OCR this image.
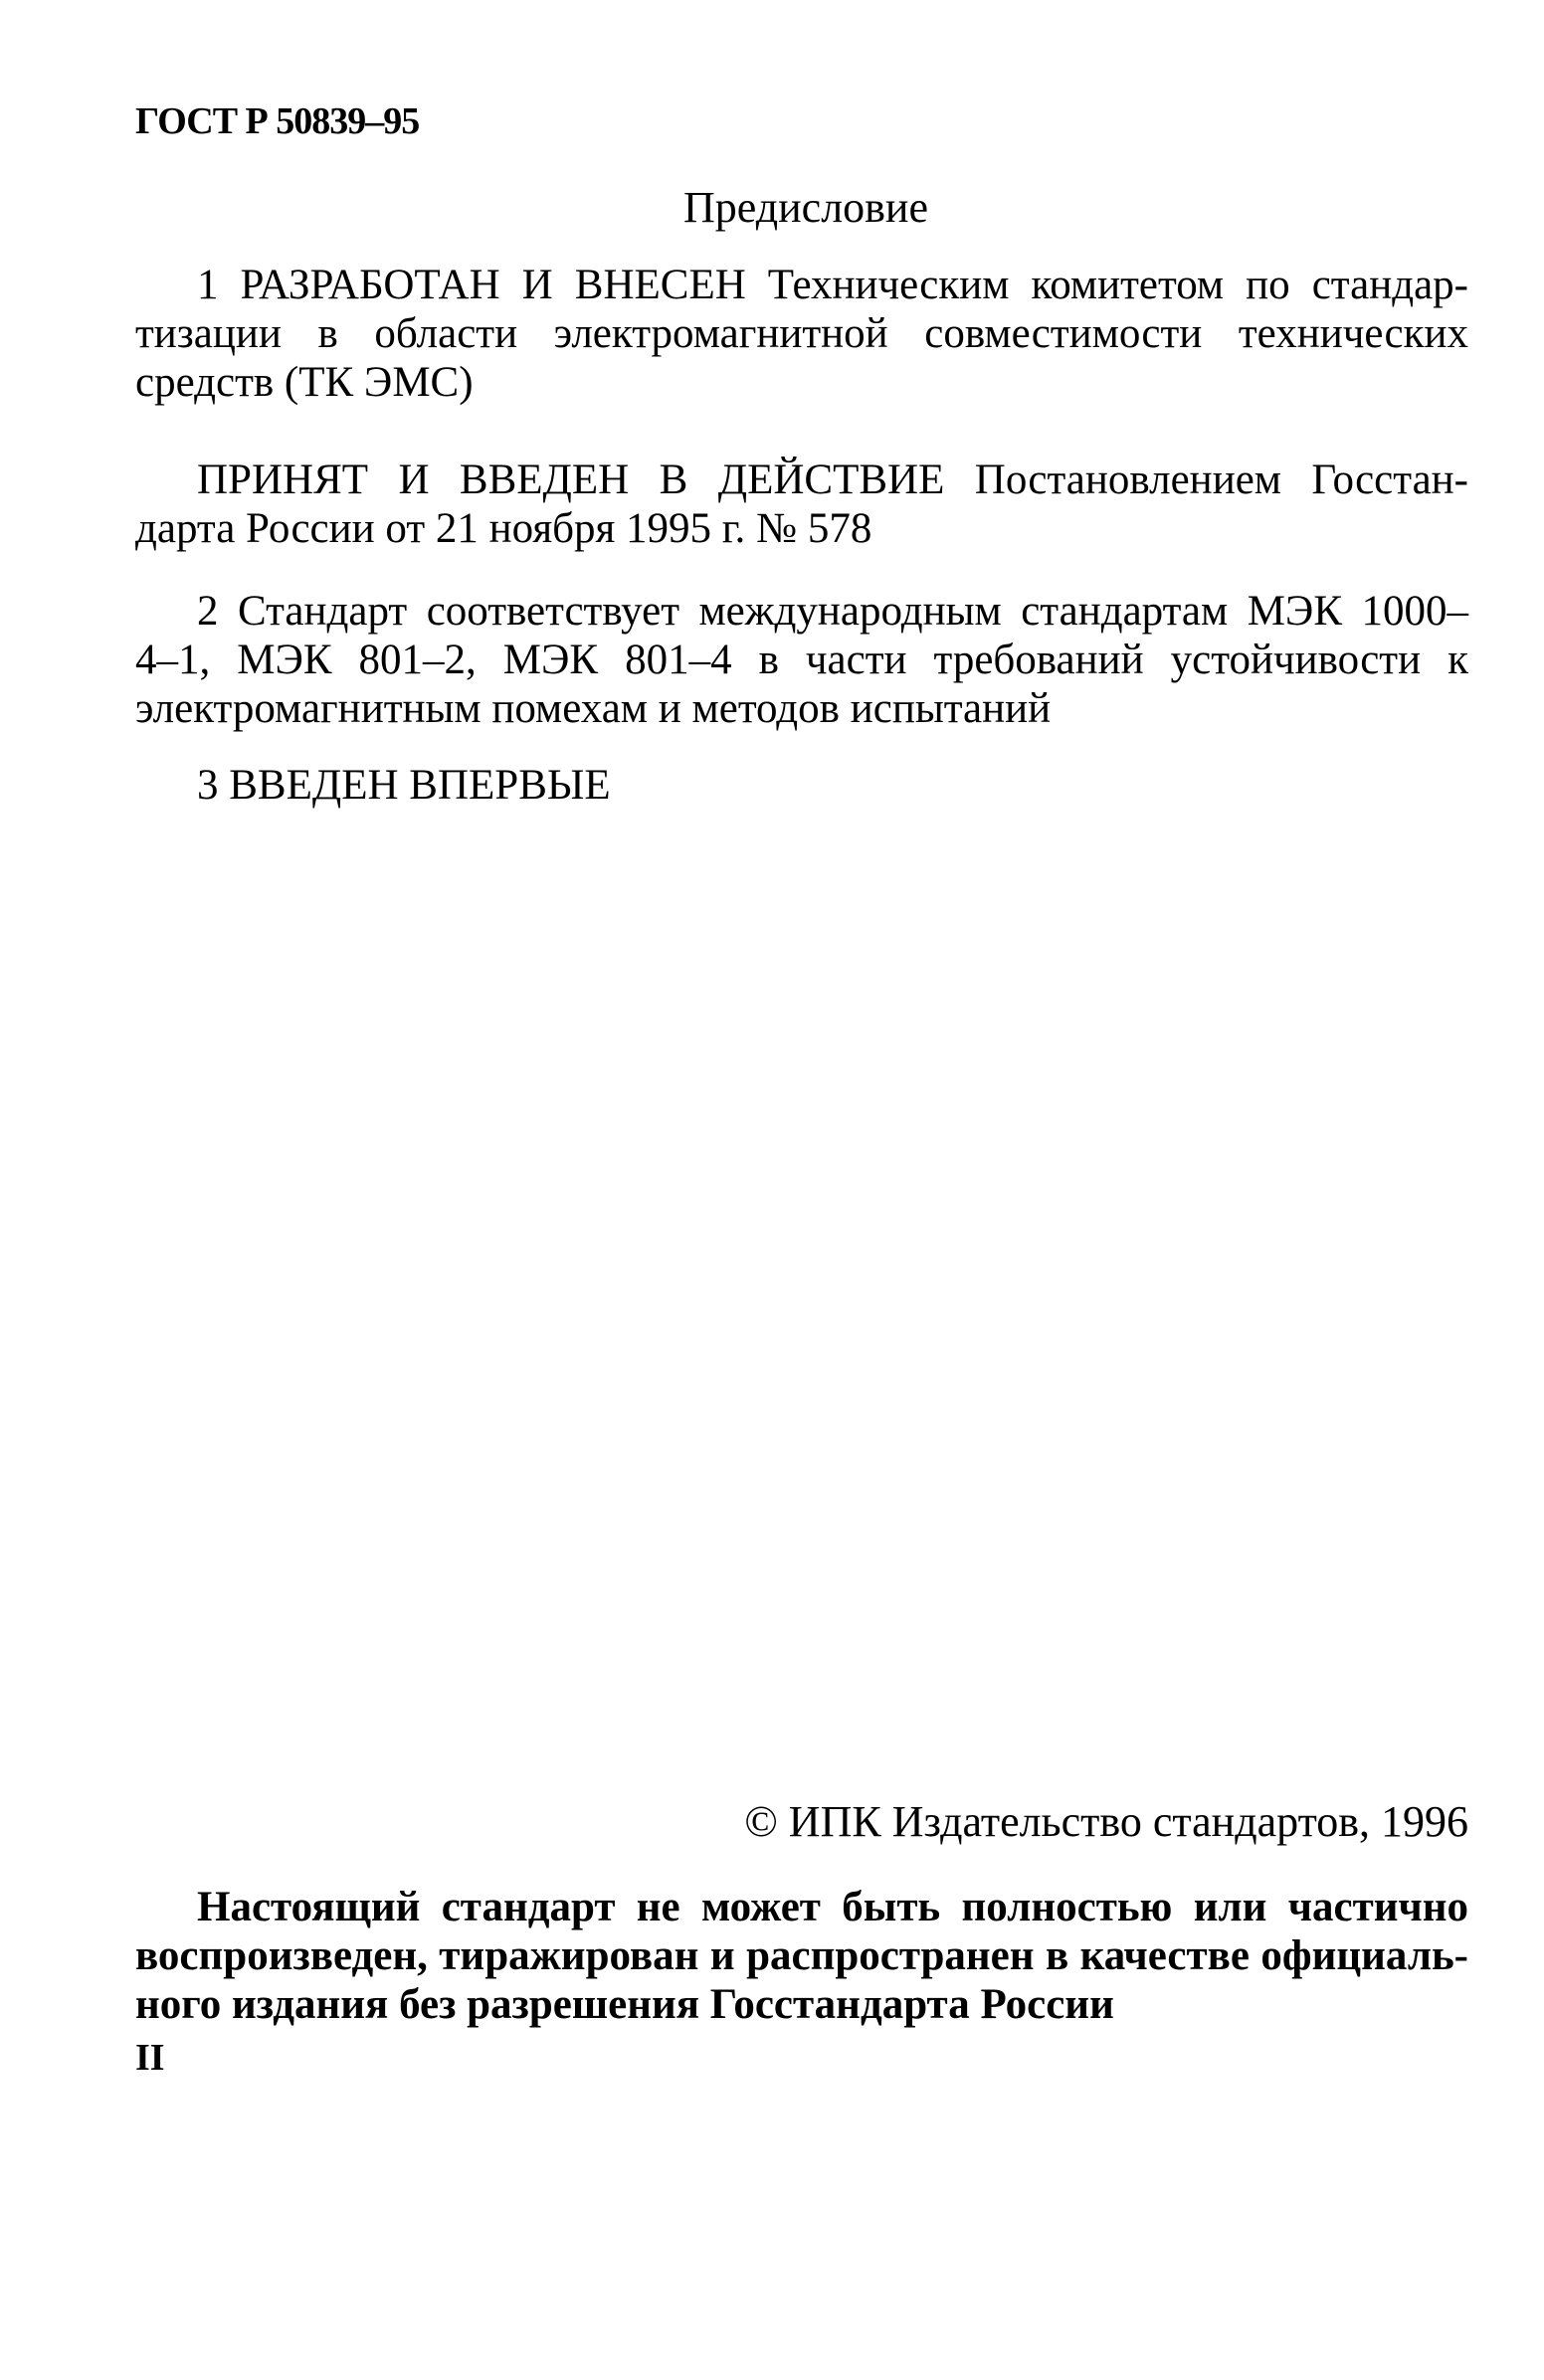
ГОСТ Р 50839–95
Предисловие
1 РАЗРАБОТАН И ВНЕСЕН Техническим комитетом по стандар-
тизации в области электромагнитной совместимости технических
средств (ТК ЭМС)
ПРИНЯТ И ВВЕДЕН В ДЕЙСТВИЕ Постановлением Госстан-
дарта России от 21 ноября 1995 г. № 578
2 Стандарт соответствует международным стандартам МЭК 1000–
4–1, МЭК 801–2, МЭК 801–4 в части требований устойчивости к
электромагнитным помехам и методов испытаний
3 ВВЕДЕН ВПЕРВЫЕ
© ИПК Издательство стандартов, 1996
Настоящий стандарт не может быть полностью или частично
воспроизведен, тиражирован и распространен в качестве официаль-
ного издания без разрешения Госстандарта России
II
